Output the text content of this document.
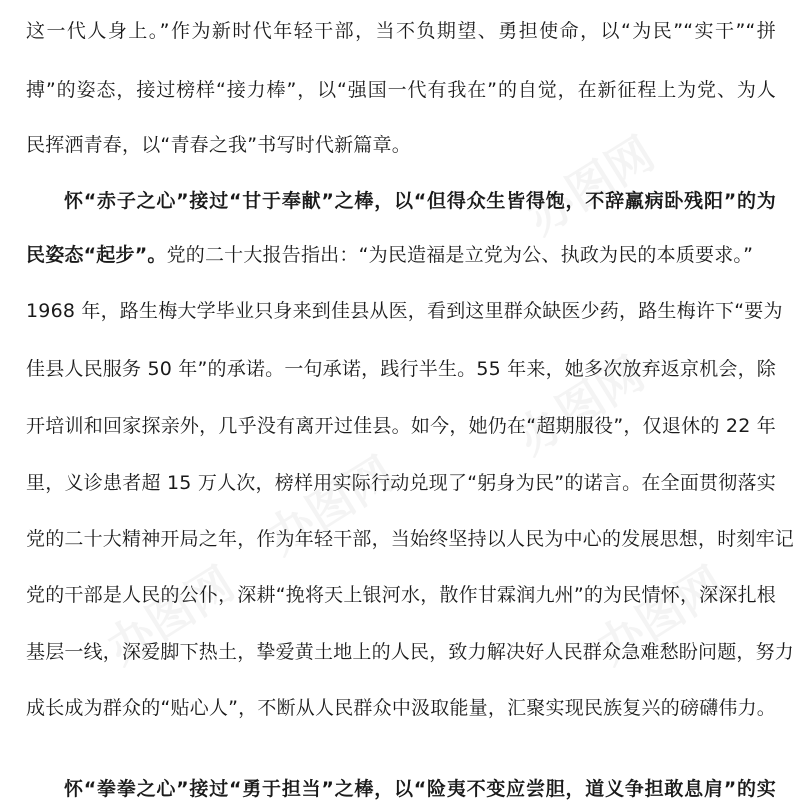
这一代人身上。”作为新时代年轻干部，当不负期望、勇担使命，以“为民”“实干”“拼
搏”的姿态，接过榜样“接力棒”，以“强国一代有我在”的自觉，在新征程上为党、为人
民挥洒青春，以“青春之我”书写时代新篇章。
怀“赤子之心”接过“甘于奉献”之棒，以“但得众生皆得饱，不辞羸病卧残阳”的为
民姿态“起步”。党的二十大报告指出：“为民造福是立党为公、执政为民的本质要求。”
1968 年，路生梅大学毕业只身来到佳县从医，看到这里群众缺医少药，路生梅许下“要为
佳县人民服务 50 年”的承诺。一句承诺，践行半生。55 年来，她多次放弃返京机会，除
开培训和回家探亲外，几乎没有离开过佳县。如今，她仍在“超期服役”，仅退休的 22 年
里，义诊患者超 15 万人次，榜样用实际行动兑现了“躬身为民”的诺言。在全面贯彻落实
党的二十大精神开局之年，作为年轻干部，当始终坚持以人民为中心的发展思想，时刻牢记
党的干部是人民的公仆，深耕“挽将天上银河水，散作甘霖润九州”的为民情怀，深深扎根
基层一线，深爱脚下热土，挚爱黄土地上的人民，致力解决好人民群众急难愁盼问题，努力
成长成为群众的“贴心人”，不断从人民群众中汲取能量，汇聚实现民族复兴的磅礴伟力。
怀“拳拳之心”接过“勇于担当”之棒，以“险夷不变应尝胆，道义争担敢息肩”的实
